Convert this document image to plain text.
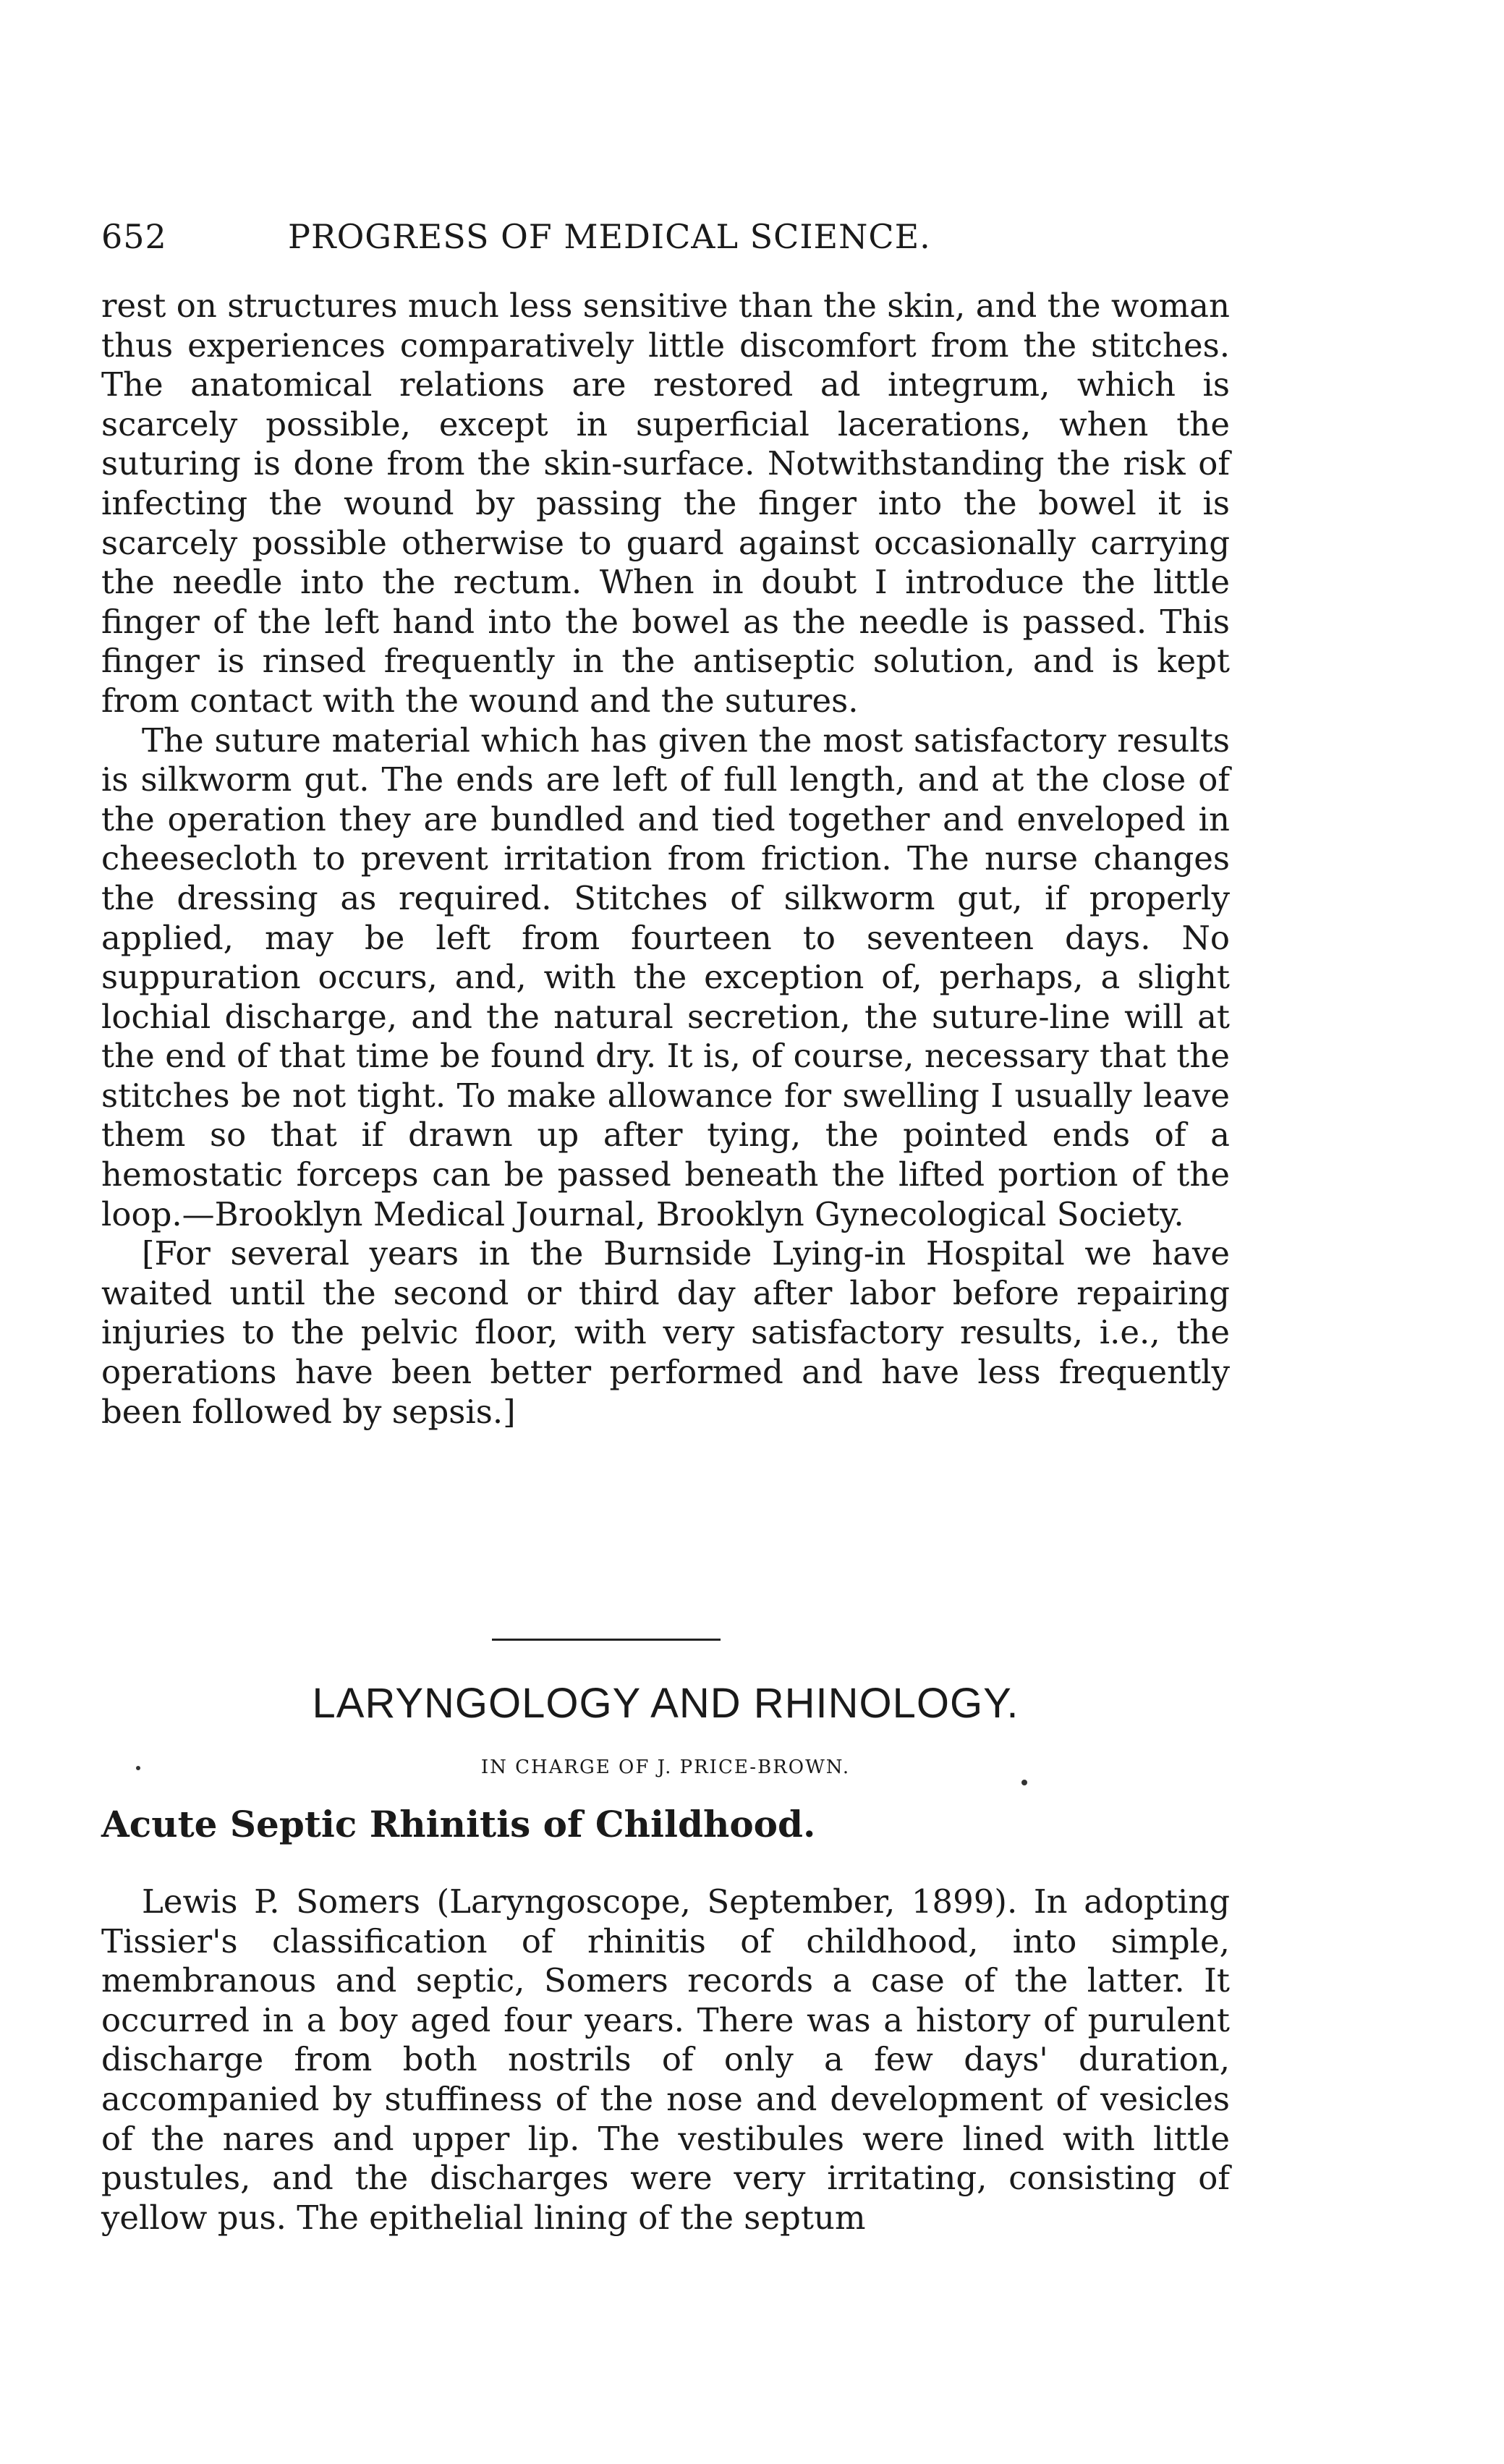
652	PROGRESS OF MEDICAL SCIENCE.

rest on structures much less sensitive than the skin, and the woman thus experiences comparatively little discomfort from the stitches. The anatomical relations are restored ad integrum, which is scarcely possible, except in superficial lacerations, when the suturing is done from the skin-surface. Notwithstanding the risk of infecting the wound by passing the finger into the bowel it is scarcely possible otherwise to guard against occasionally carrying the needle into the rectum. When in doubt I introduce the little finger of the left hand into the bowel as the needle is passed. This finger is rinsed frequently in the antiseptic solution, and is kept from contact with the wound and the sutures.

The suture material which has given the most satisfactory results is silkworm gut. The ends are left of full length, and at the close of the operation they are bundled and tied together and enveloped in cheesecloth to prevent irritation from friction. The nurse changes the dressing as required. Stitches of silkworm gut, if properly applied, may be left from fourteen to seventeen days. No suppuration occurs, and, with the exception of, perhaps, a slight lochial discharge, and the natural secretion, the suture-line will at the end of that time be found dry. It is, of course, necessary that the stitches be not tight. To make allowance for swelling I usually leave them so that if drawn up after tying, the pointed ends of a hemostatic forceps can be passed beneath the lifted portion of the loop.—Brooklyn Medical Journal, Brooklyn Gynecological Society.

[For several years in the Burnside Lying-in Hospital we have waited until the second or third day after labor before repairing injuries to the pelvic floor, with very satisfactory results, i.e., the operations have been better performed and have less frequently been followed by sepsis.]

LARYNGOLOGY AND RHINOLOGY.
IN CHARGE OF J. PRICE-BROWN.
Acute Septic Rhinitis of Childhood.

Lewis P. Somers (Laryngoscope, September, 1899). In adopting Tissier's classification of rhinitis of childhood, into simple, membranous and septic, Somers records a case of the latter. It occurred in a boy aged four years. There was a history of purulent discharge from both nostrils of only a few days' duration, accompanied by stuffiness of the nose and development of vesicles of the nares and upper lip. The vestibules were lined with little pustules, and the discharges were very irritating, consisting of yellow pus. The epithelial lining of the septum
